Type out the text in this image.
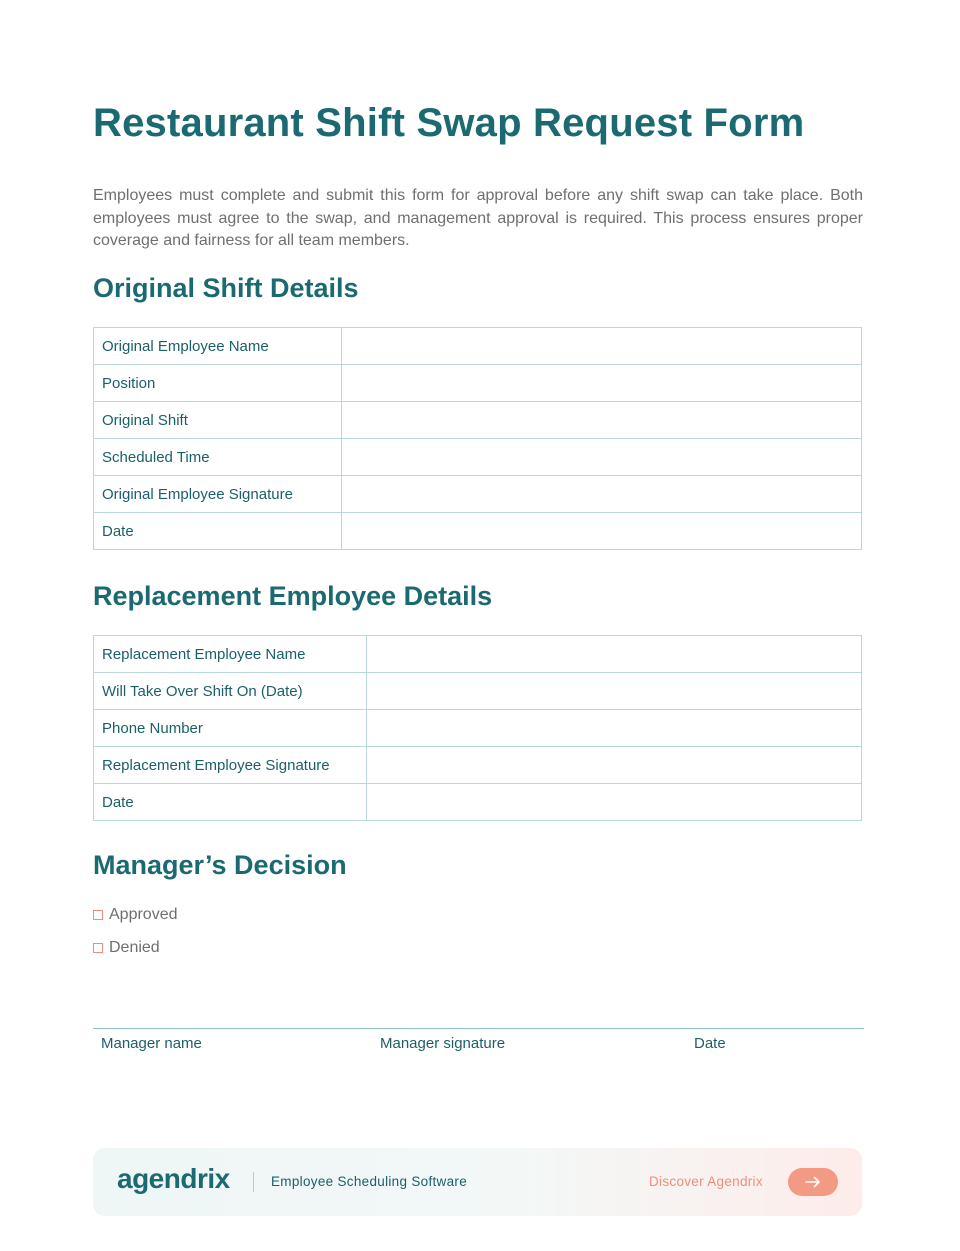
Restaurant Shift Swap Request Form

Employees must complete and submit this form for approval before any shift swap can take place. Both employees must agree to the swap, and management approval is required. This process ensures proper coverage and fairness for all team members.

Original Shift Details
Original Employee Name	
Position	
Original Shift	
Scheduled Time	
Original Employee Signature	
Date	
Replacement Employee Details
Replacement Employee Name	
Will Take Over Shift On (Date)	
Phone Number	
Replacement Employee Signature	
Date	
Manager’s Decision
Approved
Denied
Manager name	Manager signature	Date
agendrix	Employee Scheduling Software	Discover Agendrix
